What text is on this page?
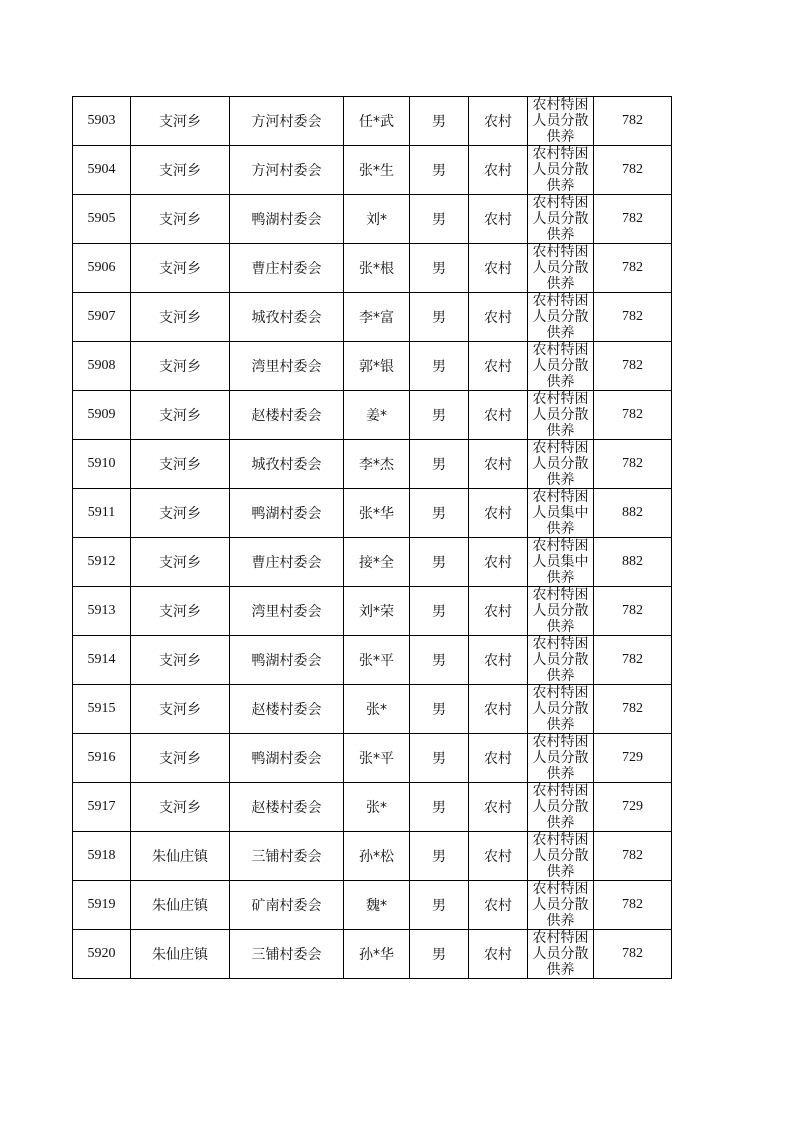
5903	支河乡	方河村委会	任*武	男	农村	农村特困人员分散供养	782
5904	支河乡	方河村委会	张*生	男	农村	农村特困人员分散供养	782
5905	支河乡	鸭湖村委会	刘*	男	农村	农村特困人员分散供养	782
5906	支河乡	曹庄村委会	张*根	男	农村	农村特困人员分散供养	782
5907	支河乡	城孜村委会	李*富	男	农村	农村特困人员分散供养	782
5908	支河乡	湾里村委会	郭*银	男	农村	农村特困人员分散供养	782
5909	支河乡	赵楼村委会	姜*	男	农村	农村特困人员分散供养	782
5910	支河乡	城孜村委会	李*杰	男	农村	农村特困人员分散供养	782
5911	支河乡	鸭湖村委会	张*华	男	农村	农村特困人员集中供养	882
5912	支河乡	曹庄村委会	接*全	男	农村	农村特困人员集中供养	882
5913	支河乡	湾里村委会	刘*荣	男	农村	农村特困人员分散供养	782
5914	支河乡	鸭湖村委会	张*平	男	农村	农村特困人员分散供养	782
5915	支河乡	赵楼村委会	张*	男	农村	农村特困人员分散供养	782
5916	支河乡	鸭湖村委会	张*平	男	农村	农村特困人员分散供养	729
5917	支河乡	赵楼村委会	张*	男	农村	农村特困人员分散供养	729
5918	朱仙庄镇	三铺村委会	孙*松	男	农村	农村特困人员分散供养	782
5919	朱仙庄镇	矿南村委会	魏*	男	农村	农村特困人员分散供养	782
5920	朱仙庄镇	三铺村委会	孙*华	男	农村	农村特困人员分散供养	782
